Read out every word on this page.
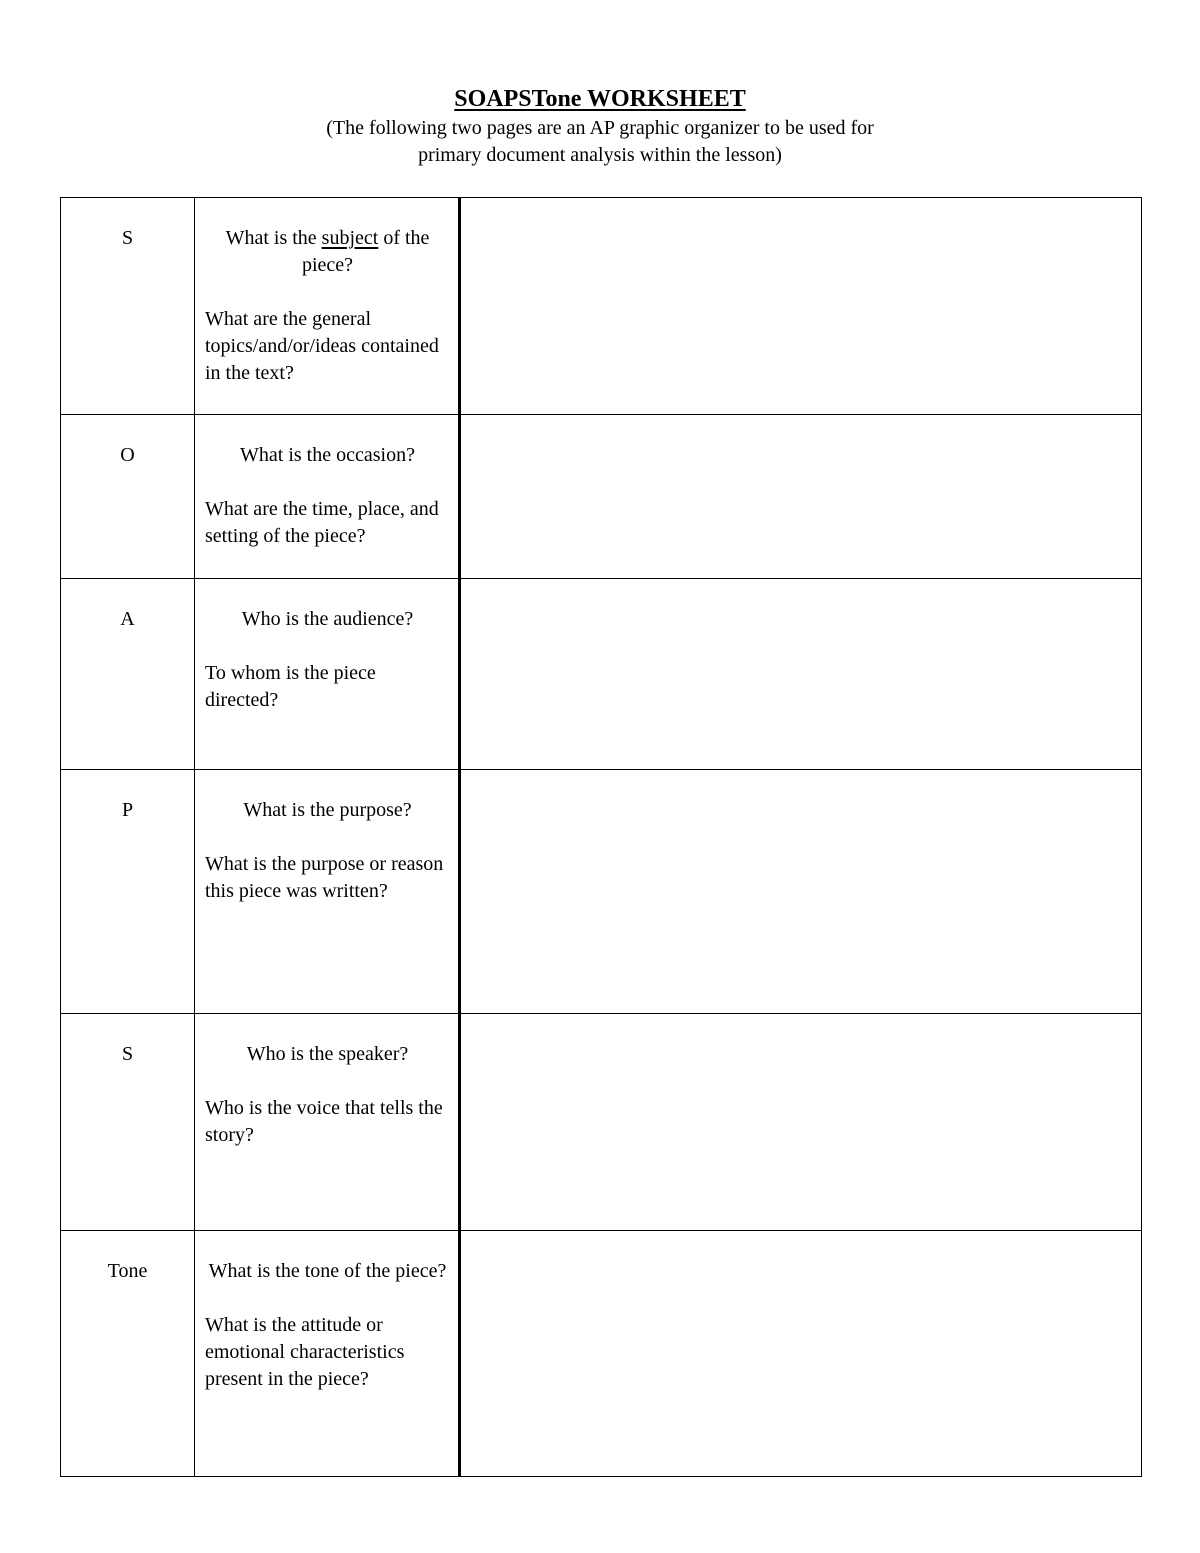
SOAPSTone WORKSHEET
(The following two pages are an AP graphic organizer to be used for
primary document analysis within the lesson)
S	What is the subject of the piece?

What are the general topics/and/or/ideas contained in the text?	

O	What is the occasion?

What are the time, place, and setting of the piece?	

A	Who is the audience?

To whom is the piece directed?	

P	What is the purpose?

What is the purpose or reason this piece was written?	

S	Who is the speaker?

Who is the voice that tells the story?	

Tone	What is the tone of the piece?

What is the attitude or emotional characteristics present in the piece?	
